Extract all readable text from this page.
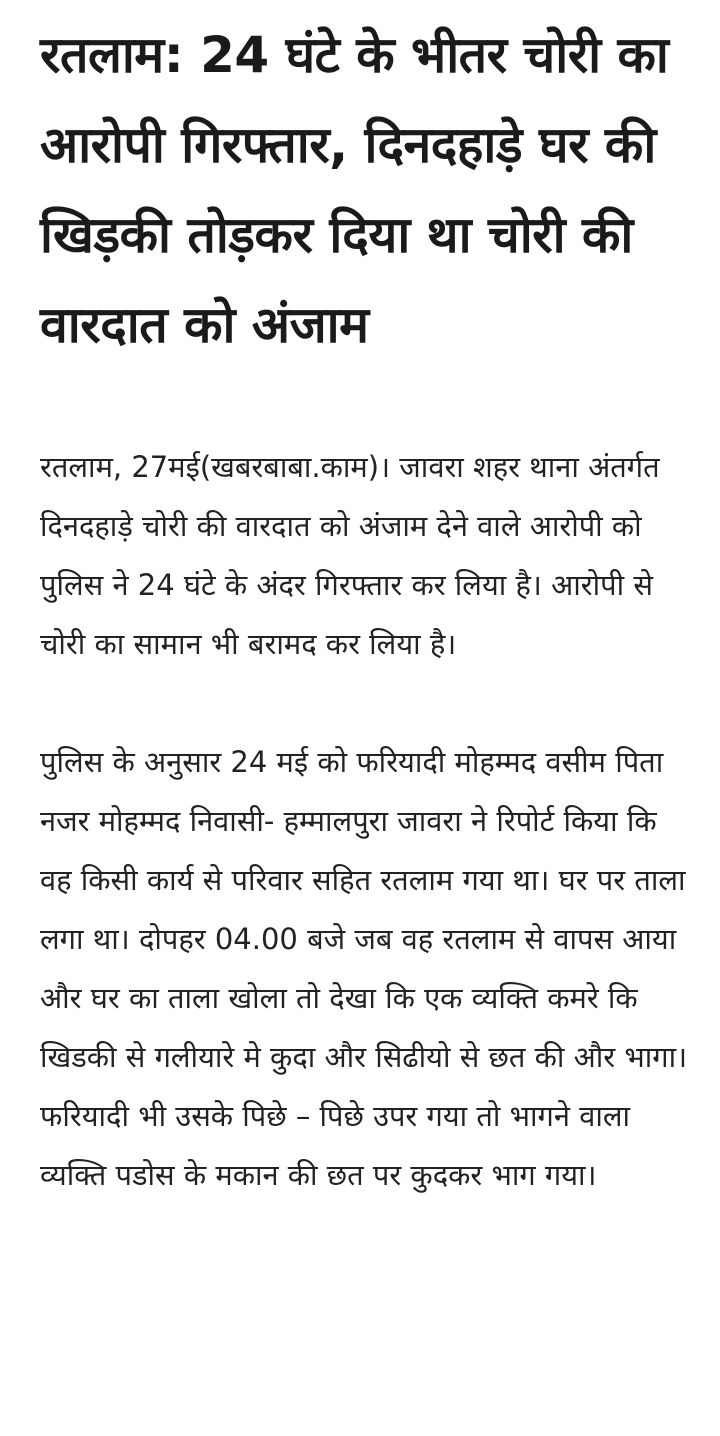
रतलाम: 24 घंटे के भीतर चोरी का आरोपी गिरफ्तार, दिनदहाड़े घर की खिड़की तोड़कर दिया था चोरी की वारदात को अंजाम

रतलाम, 27मई(खबरबाबा.काम)। जावरा शहर थाना अंतर्गत दिनदहाड़े चोरी की वारदात को अंजाम देने वाले आरोपी को पुलिस ने 24 घंटे के अंदर गिरफ्तार कर लिया है। आरोपी से चोरी का सामान भी बरामद कर लिया है।

पुलिस के अनुसार 24 मई को फरियादी मोहम्मद वसीम पिता नजर मोहम्मद निवासी- हम्मालपुरा जावरा ने रिपोर्ट किया कि वह किसी कार्य से परिवार सहित रतलाम गया था। घर पर ताला लगा था। दोपहर 04.00 बजे जब वह रतलाम से वापस आया और घर का ताला खोला तो देखा कि एक व्यक्ति कमरे कि खिडकी से गलीयारे मे कुदा और सिढीयो से छत की और भागा।फरियादी भी उसके पिछे – पिछे उपर गया तो भागने वाला व्यक्ति पडोस के मकान की छत पर कुदकर भाग गया।
